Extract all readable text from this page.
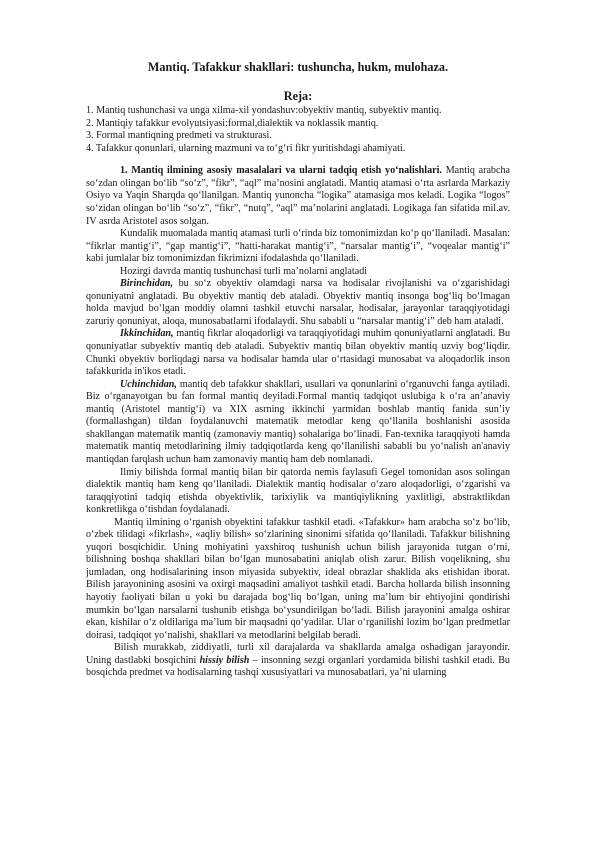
Mantiq. Tafakkur shakllari: tushuncha, hukm, mulohaza.
Reja:
1. Mantiq tushunchasi va unga xilma-xil yondashuv:obyektiv mantiq, subyektiv mantiq.
2. Mantiqiy tafakkur evolyutsiyasi:formal,dialektik va noklassik mantiq.
3. Formal mantiqning predmeti va strukturasi.
4. Tafakkur qonunlari, ularning mazmuni va to‘g‘ri fikr yuritishdagi ahamiyati.

1. Mantiq ilmining asosiy masalalari va ularni tadqiq etish yo‘nalishlari. Mantiq arabcha so‘zdan olingan bo‘lib “so‘z”, “fikr”, “aql” ma’nosini anglatadi. Mantiq atamasi o‘rta asrlarda Markaziy Osiyo va Yaqin Sharqda qo‘llanilgan. Mantiq yunoncha “logika” atamasiga mos keladi. Logika “logos” so‘zidan olingan bo‘lib “so‘z”, “fikr”, “nutq”, “aql” ma’nolarini anglatadi. Logikaga fan sifatida mil.av. IV asrda Aristotel asos solgan.

Kundalik muomalada mantiq atamasi turli o‘rinda biz tomonimizdan ko‘p qo‘llaniladi. Masalan: “fikrlar mantig‘i”, “gap mantig‘i”, “hatti-harakat mantig‘i”, “narsalar mantig‘i”, “voqealar mantig‘i” kabi jumlalar biz tomonimizdan fikrimizni ifodalashda qo‘llaniladi.

Hozirgi davrda mantiq tushunchasi turli ma’nolarni anglatadi

Birinchidan, bu so‘z obyektiv olamdagi narsa va hodisalar rivojlanishi va o‘zgarishidagi qonuniyatni anglatadi. Bu obyektiv mantiq deb ataladi. Obyektiv mantiq insonga bog‘liq bo‘lmagan holda mavjud bo‘lgan moddiy olamni tashkil etuvchi narsalar, hodisalar, jarayonlar taraqqiyotidagi zaruriy qonuniyat, aloqa, munosabatlarni ifodalaydi. Shu sababli u “narsalar mantig‘i” deb ham ataladi.

Ikkinchidan, mantiq fikrlar aloqadorligi va taraqqiyotidagi muhim qonuniyatlarni anglatadi. Bu qonuniyatlar subyektiv mantiq deb ataladi. Subyektiv mantiq bilan obyektiv mantiq uzviy bog‘liqdir. Chunki obyektiv borliqdagi narsa va hodisalar hamda ular o‘rtasidagi munosabat va aloqadorlik inson tafakkurida in'ikos etadi.

Uchinchidan, mantiq deb tafakkur shakllari, usullari va qonunlarini o‘rganuvchi fanga aytiladi. Biz o‘rganayotgan bu fan formal mantiq deyiladi.Formal mantiq tadqiqot uslubiga k o‘ra an’anaviy mantiq (Aristotel mantig‘i) va XIX asrning ikkinchi yarmidan boshlab mantiq fanida sun’iy (formallashgan) tildan foydalanuvchi matematik metodlar keng qo‘llanila boshlanishi asosida shakllangan matematik mantiq (zamonaviy mantiq) sohalariga bo‘linadi. Fan-texnika taraqqiyoti hamda matematik mantiq metodlarining ilmiy tadqiqotlarda keng qo‘llanilishi sababli bu yo‘nalish an'anaviy mantiqdan farqlash uchun ham zamonaviy mantiq ham deb nomlanadi.

Ilmiy bilishda formal mantiq bilan bir qatorda nemis faylasufi Gegel tomonidan asos solingan dialektik mantiq ham keng qo‘llaniladi. Dialektik mantiq hodisalar o‘zaro aloqadorligi, o‘zgarishi va taraqqiyotini tadqiq etishda obyektivlik, tarixiylik va mantiqiylikning yaxlitligi, abstraktlikdan konkretlikga o‘tishdan foydalanadi.

Mantiq ilmining o‘rganish obyektini tafakkur tashkil etadi. «Tafakkur» ham arabcha so‘z bo‘lib, o‘zbek tilidagi «fikrlash», «aqliy bilish» so‘zlarining sinonimi sifatida qo‘llaniladi. Tafakkur bilishning yuqori bosqichidir. Uning mohiyatini yaxshiroq tushunish uchun bilish jarayonida tutgan o‘rni, bilishning boshqa shakllari bilan bo‘lgan munosabatini aniqlab olish zarur. Bilish voqelikning, shu jumladan, ong hodisalarining inson miyasida subyektiv, ideal obrazlar shaklida aks etishidan iborat. Bilish jarayonining asosini va oxirgi maqsadini amaliyot tashkil etadi. Barcha hollarda bilish insonning hayotiy faoliyati bilan u yoki bu darajada bog‘liq bo‘lgan, uning ma’lum bir ehtiyojini qondirishi mumkin bo‘lgan narsalarni tushunib etishga bo‘ysundirilgan bo‘ladi. Bilish jarayonini amalga oshirar ekan, kishilar o‘z oldilariga ma’lum bir maqsadni qo‘yadilar. Ular o‘rganilishi lozim bo‘lgan predmetlar doirasi, tadqiqot yo‘nalishi, shakllari va metodlarini belgilab beradi.

Bilish murakkab, ziddiyatli, turli xil darajalarda va shakllarda amalga oshadigan jarayondir. Uning dastlabki bosqichini hissiy bilish – insonning sezgi organlari yordamida bilishi tashkil etadi. Bu bosqichda predmet va hodisalarning tashqi xususiyatlari va munosabatlari, ya’ni ularning
